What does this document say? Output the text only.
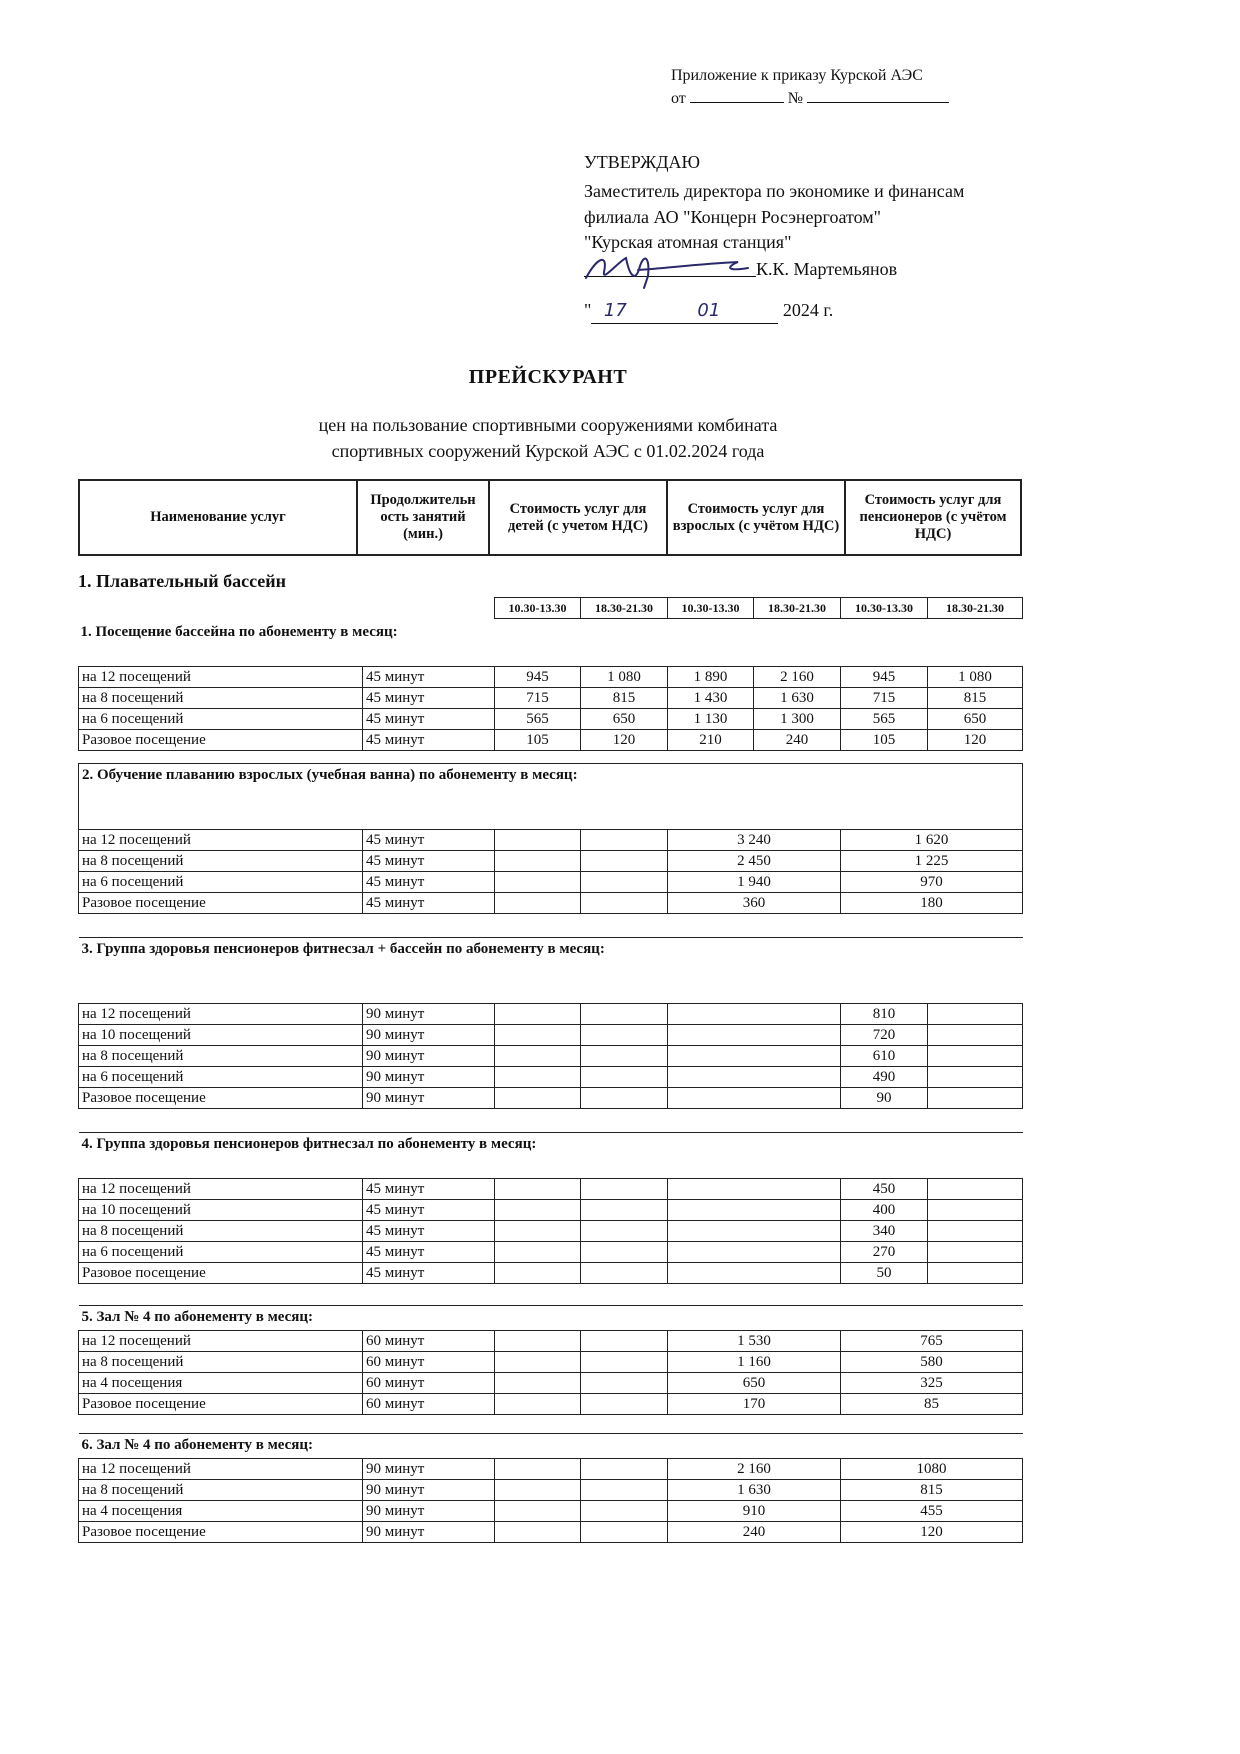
Приложение к приказу Курской АЭС
от	№
УТВЕРЖДАЮ
Заместитель директора по экономике и финансам
филиала АО "Концерн Росэнергоатом"
"Курская атомная станция"
К.К. Мартемьянов
" 17	01	2024 г.
ПРЕЙСКУРАНТ
цен на пользование спортивными сооружениями комбината
спортивных сооружений Курской АЭС с 01.02.2024 года
Наименование услуг	Продолжительн ость занятий (мин.)	Стоимость услуг для детей (с учетом НДС)	Стоимость услуг для взрослых (с учётом НДС)	Стоимость услуг для пенсионеров (с учётом НДС)
1. Плавательный бассейн
		10.30-13.30	18.30-21.30	10.30-13.30	18.30-21.30	10.30-13.30	18.30-21.30
1. Посещение бассейна по абонементу в месяц:							
на 12 посещений	45 минут	945	1 080	1 890	2 160	945	1 080
на 8 посещений	45 минут	715	815	1 430	1 630	715	815
на 6 посещений	45 минут	565	650	1 130	1 300	565	650
Разовое посещение	45 минут	105	120	210	240	105	120
2. Обучение плаванию взрослых (учебная ванна) по абонементу в месяц:					
на 12 посещений	45 минут			3 240	1 620
на 8 посещений	45 минут			2 450	1 225
на 6 посещений	45 минут			1 940	970
Разовое посещение	45 минут			360	180
3. Группа здоровья пенсионеров фитнесзал + бассейн по абонементу в месяц:						
на 12 посещений	90 минут				810	
на 10 посещений	90 минут				720	
на 8 посещений	90 минут				610	
на 6 посещений	90 минут				490	
Разовое посещение	90 минут				90	
4. Группа здоровья пенсионеров фитнесзал по абонементу в месяц:						
на 12 посещений	45 минут				450	
на 10 посещений	45 минут				400	
на 8 посещений	45 минут				340	
на 6 посещений	45 минут				270	
Разовое посещение	45 минут				50	
5. Зал № 4 по абонементу в месяц:					
на 12 посещений	60 минут			1 530	765
на 8 посещений	60 минут			1 160	580
на 4 посещения	60 минут			650	325
Разовое посещение	60 минут			170	85
6. Зал № 4 по абонементу в месяц:					
на 12 посещений	90 минут			2 160	1080
на 8 посещений	90 минут			1 630	815
на 4 посещения	90 минут			910	455
Разовое посещение	90 минут			240	120
